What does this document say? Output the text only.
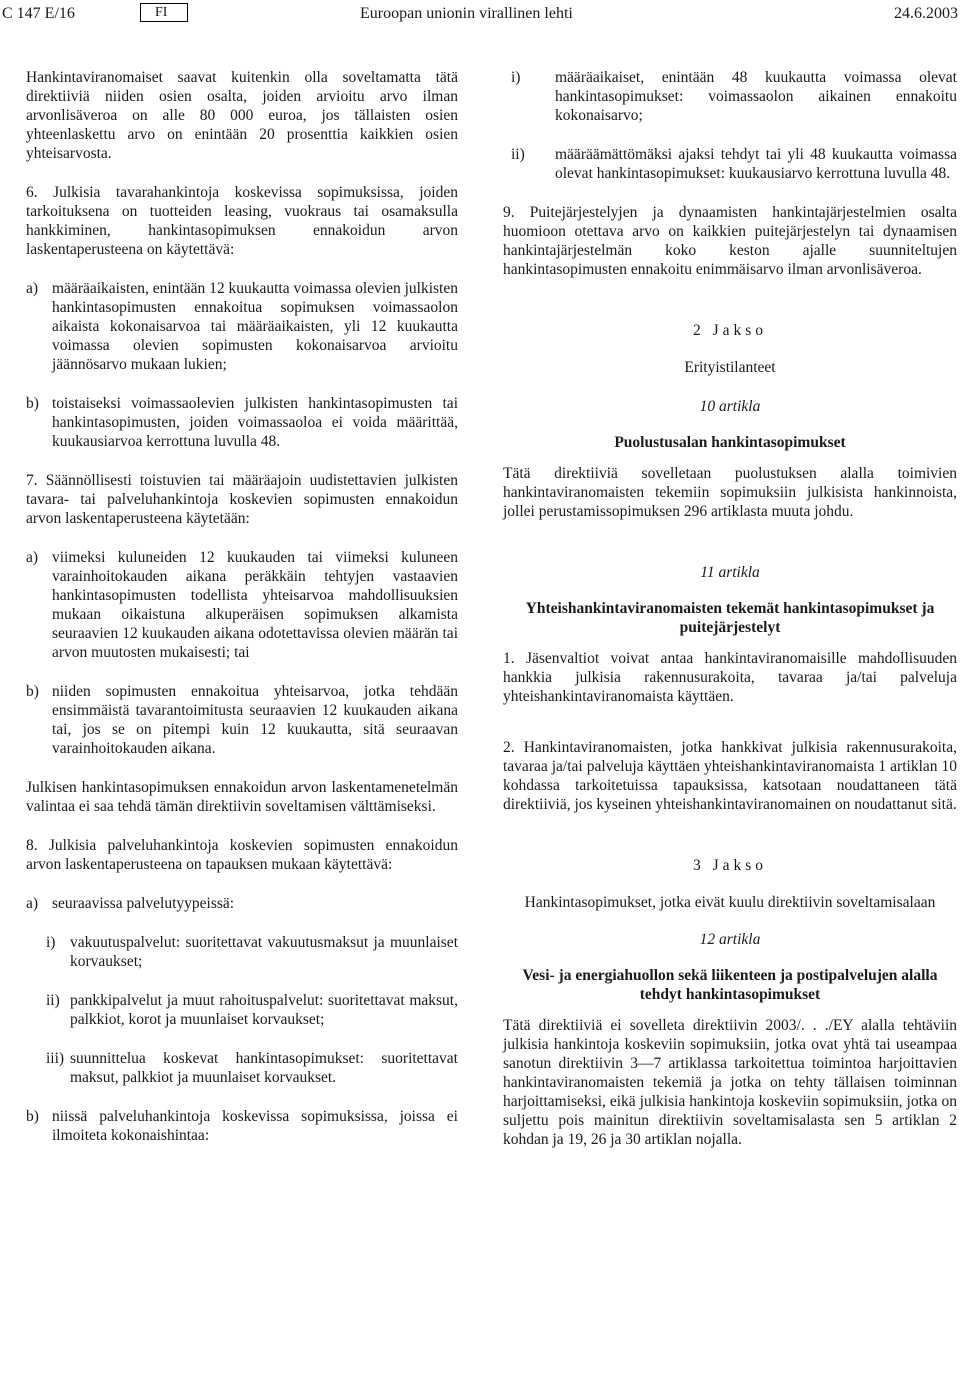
C 147 E/16	FI	Euroopan unionin virallinen lehti	24.6.2003

Hankintaviranomaiset saavat kuitenkin olla soveltamatta tätä direktiiviä niiden osien osalta, joiden arvioitu arvo ilman arvonlisäveroa on alle 80 000 euroa, jos tällaisten osien yhteenlaskettu arvo on enintään 20 prosenttia kaikkien osien yhteisarvosta.

6. Julkisia tavarahankintoja koskevissa sopimuksissa, joiden tarkoituksena on tuotteiden leasing, vuokraus tai osamaksulla hankkiminen, hankintasopimuksen ennakoidun arvon laskentaperusteena on käytettävä:

a) määräaikaisten, enintään 12 kuukautta voimassa olevien julkisten hankintasopimusten ennakoitua sopimuksen voimassaolon aikaista kokonaisarvoa tai määräaikaisten, yli 12 kuukautta voimassa olevien sopimusten kokonaisarvoa arvioitu jäännösarvo mukaan lukien;
b) toistaiseksi voimassaolevien julkisten hankintasopimusten tai hankintasopimusten, joiden voimassaoloa ei voida määrittää, kuukausiarvoa kerrottuna luvulla 48.

7. Säännöllisesti toistuvien tai määräajoin uudistettavien julkisten tavara- tai palveluhankintoja koskevien sopimusten ennakoidun arvon laskentaperusteena käytetään:

a) viimeksi kuluneiden 12 kuukauden tai viimeksi kuluneen varainhoitokauden aikana peräkkäin tehtyjen vastaavien hankintasopimusten todellista yhteisarvoa mahdollisuuksien mukaan oikaistuna alkuperäisen sopimuksen alkamista seuraavien 12 kuukauden aikana odotettavissa olevien määrän tai arvon muutosten mukaisesti; tai
b) niiden sopimusten ennakoitua yhteisarvoa, jotka tehdään ensimmäistä tavarantoimitusta seuraavien 12 kuukauden aikana tai, jos se on pitempi kuin 12 kuukautta, sitä seuraavan varainhoitokauden aikana.

Julkisen hankintasopimuksen ennakoidun arvon laskentamenetelmän valintaa ei saa tehdä tämän direktiivin soveltamisen välttämiseksi.

8. Julkisia palveluhankintoja koskevien sopimusten ennakoidun arvon laskentaperusteena on tapauksen mukaan käytettävä:

a) seuraavissa palvelutyypeissä:
i) vakuutuspalvelut: suoritettavat vakuutusmaksut ja muunlaiset korvaukset;
ii) pankkipalvelut ja muut rahoituspalvelut: suoritettavat maksut, palkkiot, korot ja muunlaiset korvaukset;
iii) suunnittelua koskevat hankintasopimukset: suoritettavat maksut, palkkiot ja muunlaiset korvaukset.
b) niissä palveluhankintoja koskevissa sopimuksissa, joissa ei ilmoiteta kokonaishintaa:
i)	määräaikaiset, enintään 48 kuukautta voimassa olevat hankintasopimukset: voimassaolon aikainen ennakoitu kokonaisarvo;
ii)	määräämättömäksi ajaksi tehdyt tai yli 48 kuukautta voimassa olevat hankintasopimukset: kuukausiarvo kerrottuna luvulla 48.

9. Puitejärjestelyjen ja dynaamisten hankintajärjestelmien osalta huomioon otettava arvo on kaikkien puitejärjestelyn tai dynaamisen hankintajärjestelmän koko keston ajalle suunniteltujen hankintasopimusten ennakoitu enimmäisarvo ilman arvonlisäveroa.

2 Jakso

Erityistilanteet

10 artikla

Puolustusalan hankintasopimukset

Tätä direktiiviä sovelletaan puolustuksen alalla toimivien hankintaviranomaisten tekemiin sopimuksiin julkisista hankinnoista, jollei perustamissopimuksen 296 artiklasta muuta johdu.

11 artikla

Yhteishankintaviranomaisten tekemät hankintasopimukset ja puitejärjestelyt

1. Jäsenvaltiot voivat antaa hankintaviranomaisille mahdollisuuden hankkia julkisia rakennusurakoita, tavaraa ja/tai palveluja yhteishankintaviranomaista käyttäen.

2. Hankintaviranomaisten, jotka hankkivat julkisia rakennusurakoita, tavaraa ja/tai palveluja käyttäen yhteishankintaviranomaista 1 artiklan 10 kohdassa tarkoitetuissa tapauksissa, katsotaan noudattaneen tätä direktiiviä, jos kyseinen yhteishankintaviranomainen on noudattanut sitä.

3 Jakso

Hankintasopimukset, jotka eivät kuulu direktiivin soveltamisalaan

12 artikla

Vesi- ja energiahuollon sekä liikenteen ja postipalvelujen alalla tehdyt hankintasopimukset

Tätä direktiiviä ei sovelleta direktiivin 2003/. . ./EY alalla tehtäviin julkisia hankintoja koskeviin sopimuksiin, jotka ovat yhtä tai useampaa sanotun direktiivin 3—7 artiklassa tarkoitettua toimintoa harjoittavien hankintaviranomaisten tekemiä ja jotka on tehty tällaisen toiminnan harjoittamiseksi, eikä julkisia hankintoja koskeviin sopimuksiin, jotka on suljettu pois mainitun direktiivin soveltamisalasta sen 5 artiklan 2 kohdan ja 19, 26 ja 30 artiklan nojalla.
